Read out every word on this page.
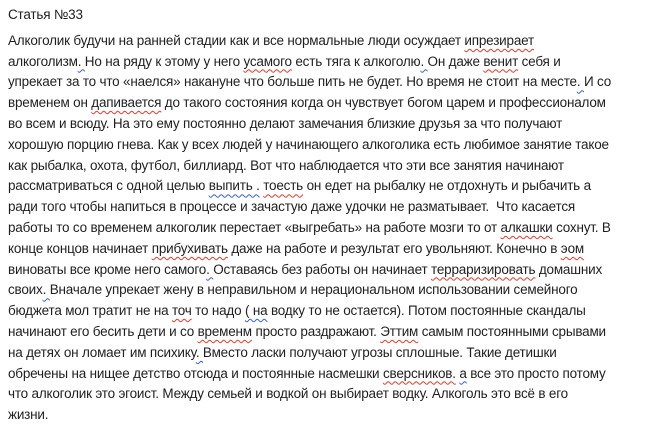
Статья №33
Алкоголик будучи на ранней стадии как и все нормальные люди осуждает ипрезирает
алкоголизм. Но на ряду к этому у него усамого есть тяга к алкоголю. Он даже венит себя и
упрекает за то что «наелся» накануне что больше пить не будет. Но время не стоит на месте. И со
временем он дапивается до такого состояния когда он чувствует богом царем и профессионалом
во всем и всюду. На это ему постоянно делают замечания близкие друзья за что получают
хорошую порцию гнева. Как у всех людей у начинающего алкоголика есть любимое занятие такое
как рыбалка, охота, футбол, биллиард. Вот что наблюдается что эти все занятия начинают
рассматриваться с одной целью выпить . тоесть он едет на рыбалку не отдохнуть и рыбачить а
ради того чтобы напиться в процессе и зачастую даже удочки не разматывает.  Что касается
работы то со временем алкоголик перестает «выгребать» на работе мозги то от алкашки сохнут. В
конце концов начинает прибухивать даже на работе и результат его увольняют. Конечно в эом
виноваты все кроме него самого. Оставаясь без работы он начинает терраризировать домашних
своих. Вначале упрекает жену в неправильном и нерациональном использовании семейного
бюджета мол тратит не на точ то надо ( на водку то не остается). Потом постоянные скандалы
начинают его бесить дети и со временм просто раздражают. Эттим самым постоянными срывами
на детях он ломает им психику. Вместо ласки получают угрозы сплошные. Такие детишки
обречены на нищее детство отсюда и постоянные насмешки сверсников. а все это просто потому
что алкоголик это эгоист. Между семьей и водкой он выбирает водку. Алкоголь это всё в его
жизни.
